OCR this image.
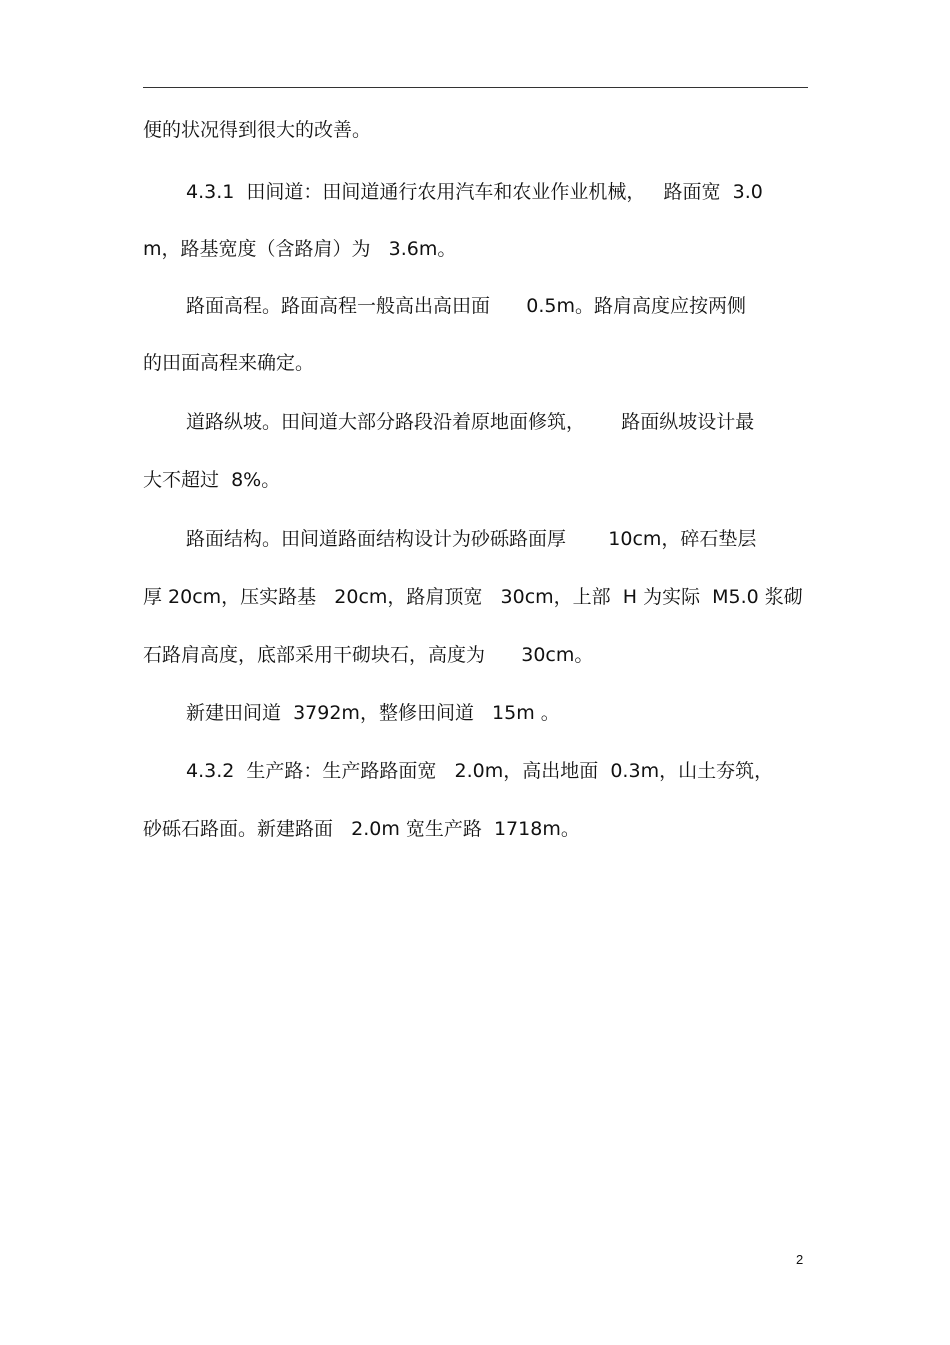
便的状况得到很大的改善。
4.3.1  田间道：田间道通行农用汽车和农业作业机械，   路面宽  3.0
m，路基宽度（含路肩）为   3.6m。
路面高程。路面高程一般高出高田面      0.5m。路肩高度应按两侧
的田面高程来确定。
道路纵坡。田间道大部分路段沿着原地面修筑，      路面纵坡设计最
大不超过  8%。
路面结构。田间道路面结构设计为砂砾路面厚       10cm，碎石垫层
厚 20cm，压实路基   20cm，路肩顶宽   30cm，上部  H 为实际  M5.0 浆砌
石路肩高度，底部采用干砌块石，高度为      30cm。
新建田间道  3792m，整修田间道   15m 。
4.3.2  生产路：生产路路面宽   2.0m，高出地面  0.3m，山土夯筑，
砂砾石路面。新建路面   2.0m 宽生产路  1718m。
2
